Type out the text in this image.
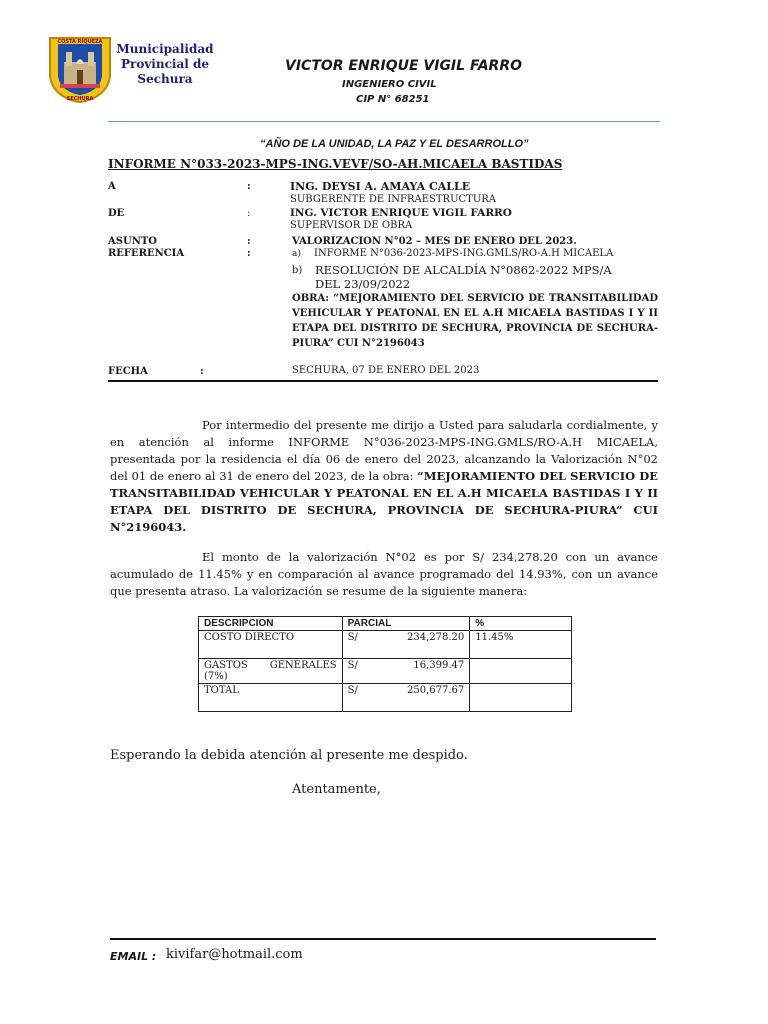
COSTA RIQUEZA
SECHURA
Municipalidad
Provincial de
Sechura
VICTOR ENRIQUE VIGIL FARRO
INGENIERO CIVIL
CIP N° 68251
“AÑO DE LA UNIDAD, LA PAZ Y EL DESARROLLO”
INFORME N°033-2023-MPS-ING.VEVF/SO-AH.MICAELA BASTIDAS
A	:	ING. DEYSI A. AMAYA CALLE
SUBGERENTE DE INFRAESTRUCTURA
DE	:	ING. VICTOR ENRIQUE VIGIL FARRO
SUPERVISOR DE OBRA
ASUNTO	:	VALORIZACION N°02 – MES DE ENERO DEL 2023.
REFERENCIA	:	a) INFORME N°036-2023-MPS-ING.GMLS/RO-A.H MICAELA
b) RESOLUCIÓN DE ALCALDÍA N°0862-2022 MPS/A
DEL 23/09/2022
OBRA: “MEJORAMIENTO DEL SERVICIO DE TRANSITABILIDAD VEHICULAR Y PEATONAL EN EL A.H MICAELA BASTIDAS I Y II ETAPA DEL DISTRITO DE SECHURA, PROVINCIA DE SECHURA-PIURA” CUI N°2196043
FECHA	:	SECHURA, 07 DE ENERO DEL 2023
Por intermedio del presente me dirijo a Usted para saludarla cordialmente, y en atención al informe INFORME N°036-2023-MPS-ING.GMLS/RO-A.H MICAELA, presentada por la residencia el día 06 de enero del 2023, alcanzando la Valorización N°02 del 01 de enero al 31 de enero del 2023, de la obra: “MEJORAMIENTO DEL SERVICIO DE TRANSITABILIDAD VEHICULAR Y PEATONAL EN EL A.H MICAELA BASTIDAS I Y II ETAPA DEL DISTRITO DE SECHURA, PROVINCIA DE SECHURA-PIURA” CUI N°2196043.
El monto de la valorización N°02 es por S/ 234,278.20 con un avance acumulado de 11.45% y en comparación al avance programado del 14.93%, con un avance que presenta atraso. La valorización se resume de la siguiente manera:
DESCRIPCION	PARCIAL	%
COSTO DIRECTO	S/ 234,278.20	11.45%
GASTOS GENERALES (7%)	S/ 16,399.47	

TOTAL	S/ 250,677.67	

Esperando la debida atención al presente me despido.
Atentamente,
EMAIL : kivifar@hotmail.com
